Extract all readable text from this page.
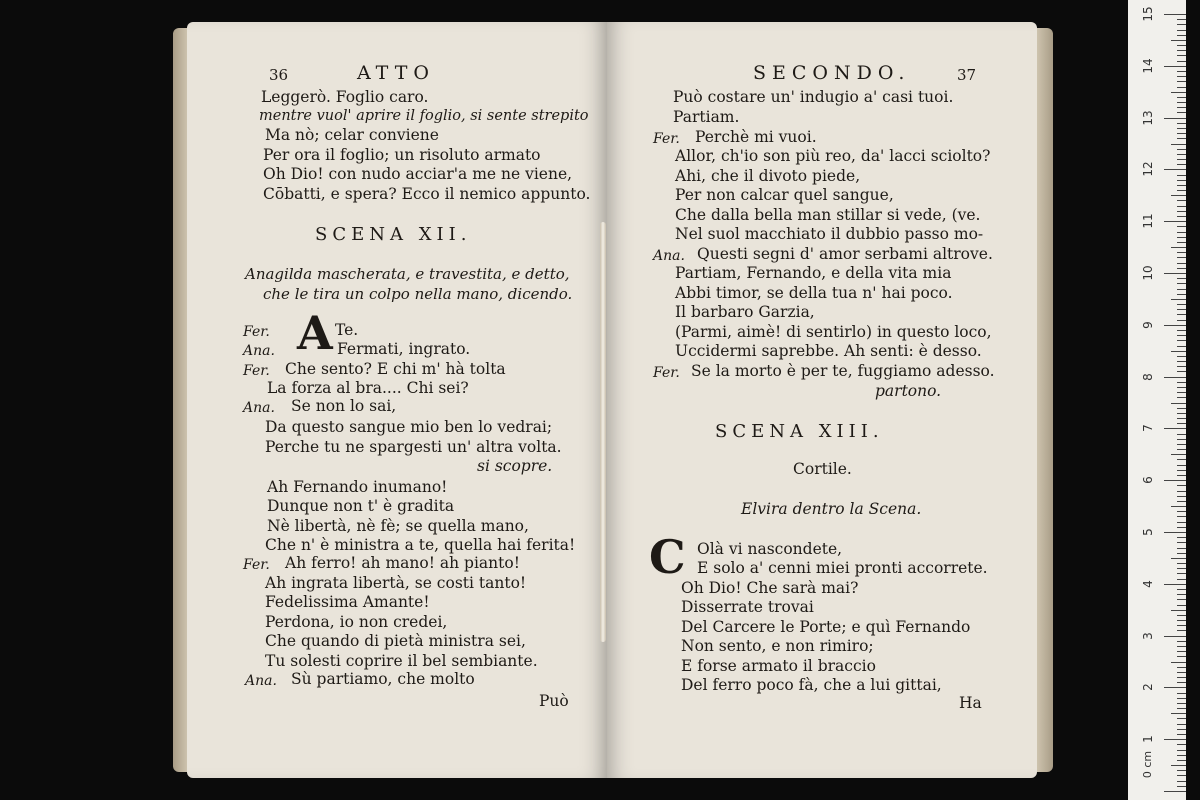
36	ATTO
Leggerò. Foglio caro.
mentre vuol' aprire il foglio, si sente strepito
Ma nò; celar conviene
Per ora il foglio; un risoluto armato
Oh Dio! con nudo acciar'a me ne viene,
Cōbatti, e spera? Ecco il nemico appunto.
SCENA XII.
Anagilda mascherata, e travestita, e detto,
che le tira un colpo nella mano, dicendo.
A
Fer.	Te.
Ana.	Fermati, ingrato.
Fer. Che sento? E chi m' hà tolta
La forza al bra.... Chi sei?
Ana. Se non lo sai,
Da questo sangue mio ben lo vedrai;
Perche tu ne spargesti un' altra volta.
si scopre.
Ah Fernando inumano!
Dunque non t' è gradita
Nè libertà, nè fè; se quella mano,
Che n' è ministra a te, quella hai ferita!
Fer. Ah ferro! ah mano! ah pianto!
Ah ingrata libertà, se costi tanto!
Fedelissima Amante!
Perdona, io non credei,
Che quando di pietà ministra sei,
Tu solesti coprire il bel sembiante.
Ana. Sù partiamo, che molto
Può
SECONDO.	37
Può costare un' indugio a' casi tuoi.
Partiam.
Fer. Perchè mi vuoi.
Allor, ch'io son più reo, da' lacci sciolto?
Ahi, che il divoto piede,
Per non calcar quel sangue,
Che dalla bella man stillar si vede, (ve.
Nel suol macchiato il dubbio passo mo-
Ana. Questi segni d' amor serbami altrove.
Partiam, Fernando, e della vita mia
Abbi timor, se della tua n' hai poco.
Il barbaro Garzia,
(Parmi, aimè! di sentirlo) in questo loco,
Uccidermi saprebbe. Ah senti: è desso.
Fer. Se la morto è per te, fuggiamo adesso.
partono.
SCENA XIII.
Cortile.
Elvira dentro la Scena.
C Olà vi nascondete,
E solo a' cenni miei pronti accorrete.
Oh Dio! Che sarà mai?
Disserrate trovai
Del Carcere le Porte; e quì Fernando
Non sento, e non rimiro;
E forse armato il braccio
Del ferro poco fà, che a lui gittai,
Ha
15
14
13
12
11
10
9
8
7
6
5
4
3
2
1
0 cm
